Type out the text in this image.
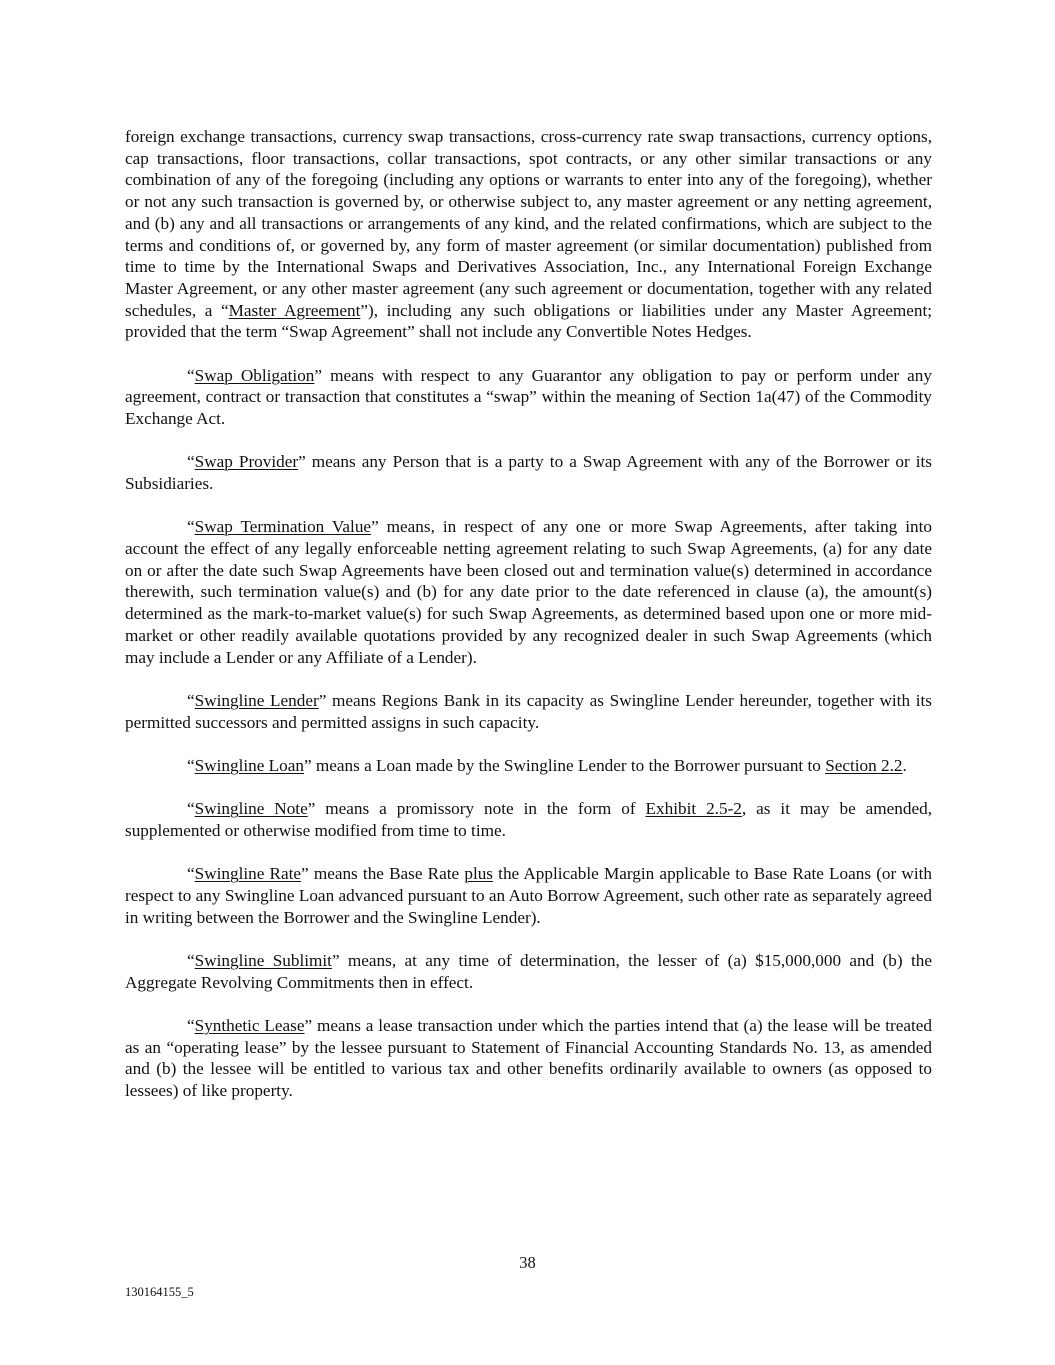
foreign exchange transactions, currency swap transactions, cross-currency rate swap transactions, currency options, cap transactions, floor transactions, collar transactions, spot contracts, or any other similar transactions or any combination of any of the foregoing (including any options or warrants to enter into any of the foregoing), whether or not any such transaction is governed by, or otherwise subject to, any master agreement or any netting agreement, and (b) any and all transactions or arrangements of any kind, and the related confirmations, which are subject to the terms and conditions of, or governed by, any form of master agreement (or similar documentation) published from time to time by the International Swaps and Derivatives Association, Inc., any International Foreign Exchange Master Agreement, or any other master agreement (any such agreement or documentation, together with any related schedules, a “Master Agreement”), including any such obligations or liabilities under any Master Agreement; provided that the term “Swap Agreement” shall not include any Convertible Notes Hedges.

“Swap Obligation” means with respect to any Guarantor any obligation to pay or perform under any agreement, contract or transaction that constitutes a “swap” within the meaning of Section 1a(47) of the Commodity Exchange Act.

“Swap Provider” means any Person that is a party to a Swap Agreement with any of the Borrower or its Subsidiaries.

“Swap Termination Value” means, in respect of any one or more Swap Agreements, after taking into account the effect of any legally enforceable netting agreement relating to such Swap Agreements, (a) for any date on or after the date such Swap Agreements have been closed out and termination value(s) determined in accordance therewith, such termination value(s) and (b) for any date prior to the date referenced in clause (a), the amount(s) determined as the mark-to-market value(s) for such Swap Agreements, as determined based upon one or more mid-market or other readily available quotations provided by any recognized dealer in such Swap Agreements (which may include a Lender or any Affiliate of a Lender).

“Swingline Lender” means Regions Bank in its capacity as Swingline Lender hereunder, together with its permitted successors and permitted assigns in such capacity.

“Swingline Loan” means a Loan made by the Swingline Lender to the Borrower pursuant to Section 2.2.

“Swingline Note” means a promissory note in the form of Exhibit 2.5-2, as it may be amended, supplemented or otherwise modified from time to time.

“Swingline Rate” means the Base Rate plus the Applicable Margin applicable to Base Rate Loans (or with respect to any Swingline Loan advanced pursuant to an Auto Borrow Agreement, such other rate as separately agreed in writing between the Borrower and the Swingline Lender).

“Swingline Sublimit” means, at any time of determination, the lesser of (a) $15,000,000 and (b) the Aggregate Revolving Commitments then in effect.

“Synthetic Lease” means a lease transaction under which the parties intend that (a) the lease will be treated as an “operating lease” by the lessee pursuant to Statement of Financial Accounting Standards No. 13, as amended and (b) the lessee will be entitled to various tax and other benefits ordinarily available to owners (as opposed to lessees) of like property.

38
130164155_5
